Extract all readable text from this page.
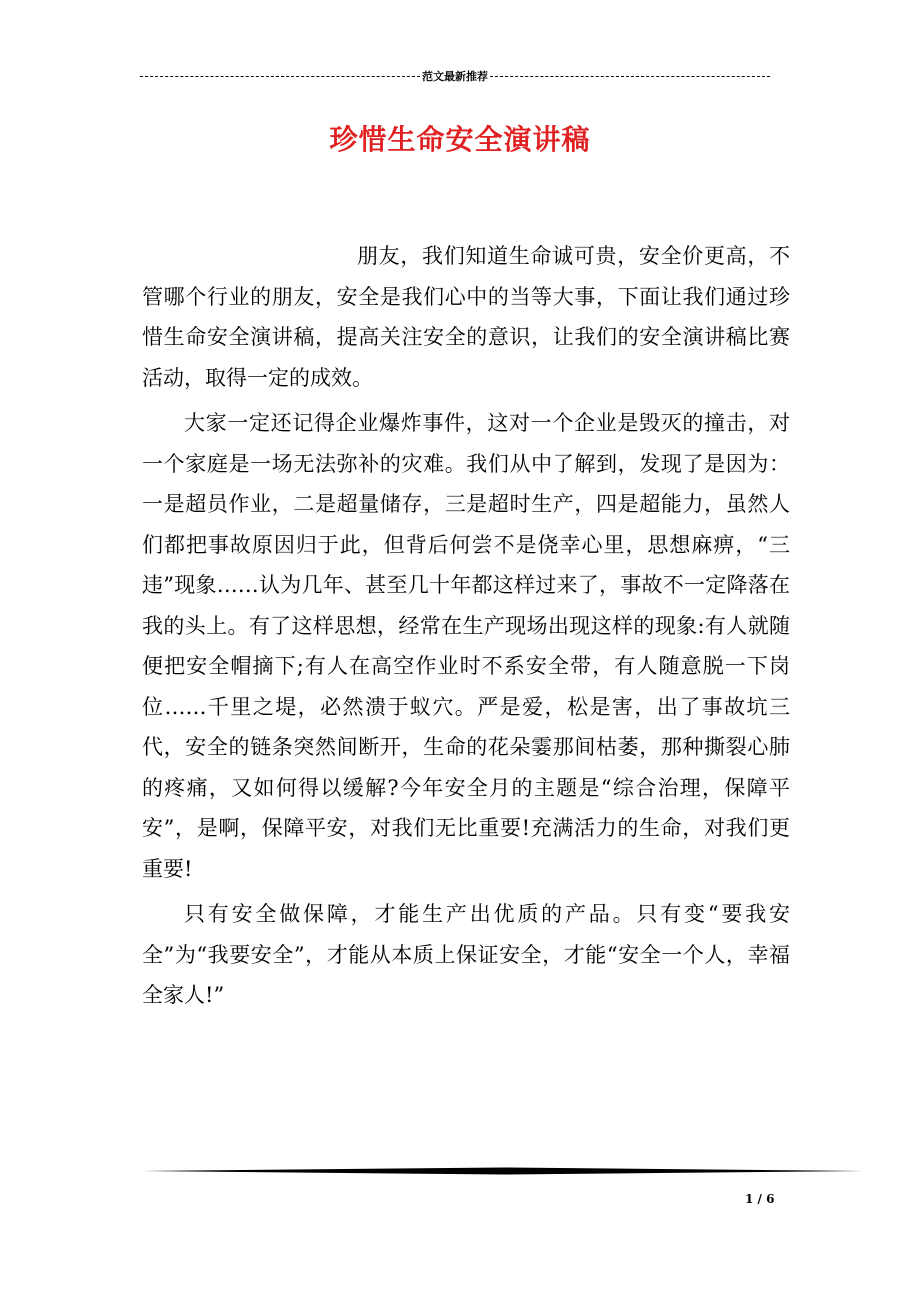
范文最新推荐
珍惜生命安全演讲稿

朋友，我们知道生命诚可贵，安全价更高，不管哪个行业的朋友，安全是我们心中的当等大事，下面让我们通过珍惜生命安全演讲稿，提高关注安全的意识，让我们的安全演讲稿比赛活动，取得一定的成效。

大家一定还记得企业爆炸事件，这对一个企业是毁灭的撞击，对一个家庭是一场无法弥补的灾难。我们从中了解到，发现了是因为：一是超员作业，二是超量储存，三是超时生产，四是超能力，虽然人们都把事故原因归于此，但背后何尝不是侥幸心里，思想麻痹，“三违”现象……认为几年、甚至几十年都这样过来了，事故不一定降落在我的头上。有了这样思想，经常在生产现场出现这样的现象:有人就随便把安全帽摘下;有人在高空作业时不系安全带，有人随意脱一下岗位……千里之堤，必然溃于蚁穴。严是爱，松是害，出了事故坑三代，安全的链条突然间断开，生命的花朵霎那间枯萎，那种撕裂心肺的疼痛，又如何得以缓解?今年安全月的主题是“综合治理，保障平安”，是啊，保障平安，对我们无比重要!充满活力的生命，对我们更重要!

只有安全做保障，才能生产出优质的产品。只有变“要我安全”为“我要安全”，才能从本质上保证安全，才能“安全一个人，幸福全家人!”

1 / 6
